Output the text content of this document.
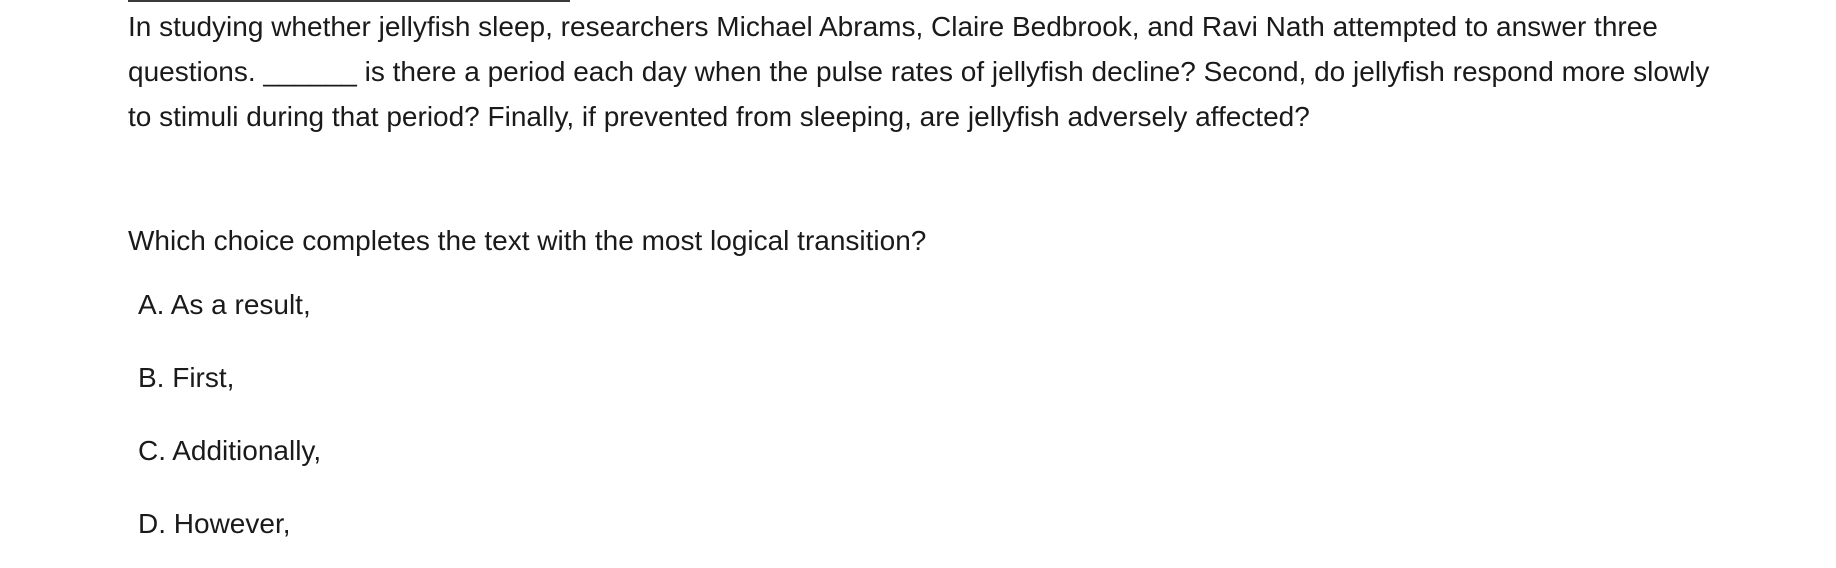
In studying whether jellyfish sleep, researchers Michael Abrams, Claire Bedbrook, and Ravi Nath attempted to answer three questions. ______ is there a period each day when the pulse rates of jellyfish decline? Second, do jellyfish respond more slowly to stimuli during that period? Finally, if prevented from sleeping, are jellyfish adversely affected?

Which choice completes the text with the most logical transition?

A. As a result,
B. First,
C. Additionally,
D. However,
